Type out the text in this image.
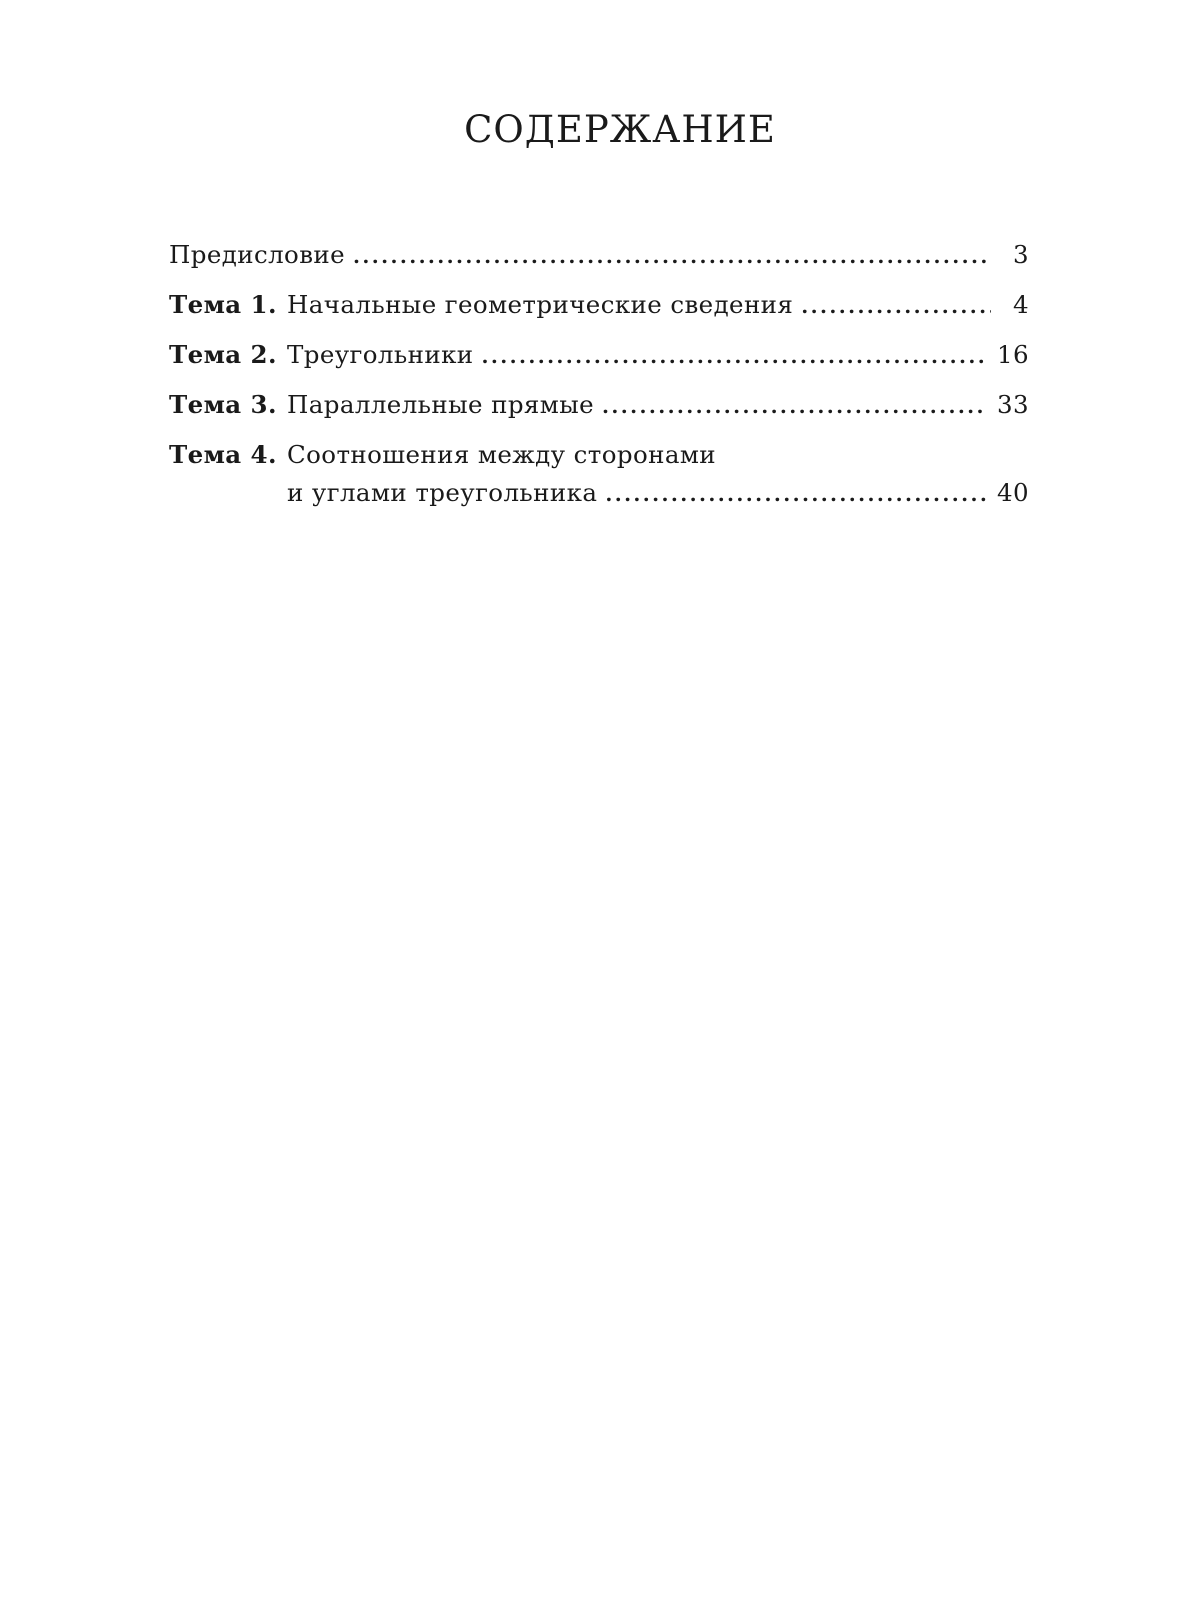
СОДЕРЖАНИЕ
Предисловие .....	3
Тема 1. Начальные геометрические сведения .....	4
Тема 2. Треугольники .....	16
Тема 3. Параллельные прямые .....	33
Тема 4. Соотношения между сторонами
и углами треугольника .....	40
